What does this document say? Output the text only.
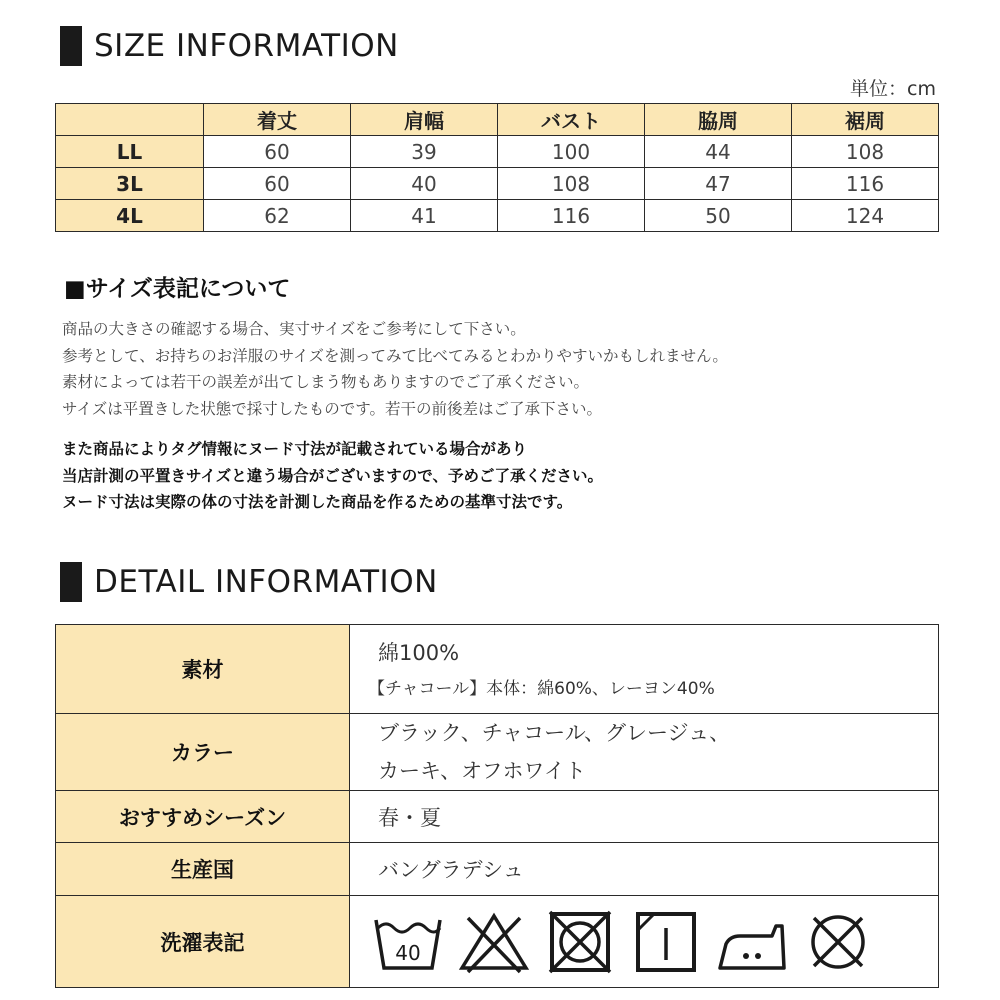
SIZE INFORMATION
単位：cm
	着丈	肩幅	バスト	脇周	裾周
LL	60	39	100	44	108
3L	60	40	108	47	116
4L	62	41	116	50	124
■サイズ表記について
商品の大きさの確認する場合、実寸サイズをご参考にして下さい。
参考として、お持ちのお洋服のサイズを測ってみて比べてみるとわかりやすいかもしれません。
素材によっては若干の誤差が出てしまう物もありますのでご了承ください。
サイズは平置きした状態で採寸したものです。若干の前後差はご了承下さい。
また商品によりタグ情報にヌード寸法が記載されている場合があり
当店計測の平置きサイズと違う場合がございますので、予めご了承ください。
ヌード寸法は実際の体の寸法を計測した商品を作るための基準寸法です。
DETAIL INFORMATION
素材	綿100%
【チャコール】本体：綿60%、レーヨン40%

カラー	ブラック、チャコール、グレージュ、
カーキ、オフホワイト

おすすめシーズン	春・夏
生産国	バングラデシュ
洗濯表記	40
